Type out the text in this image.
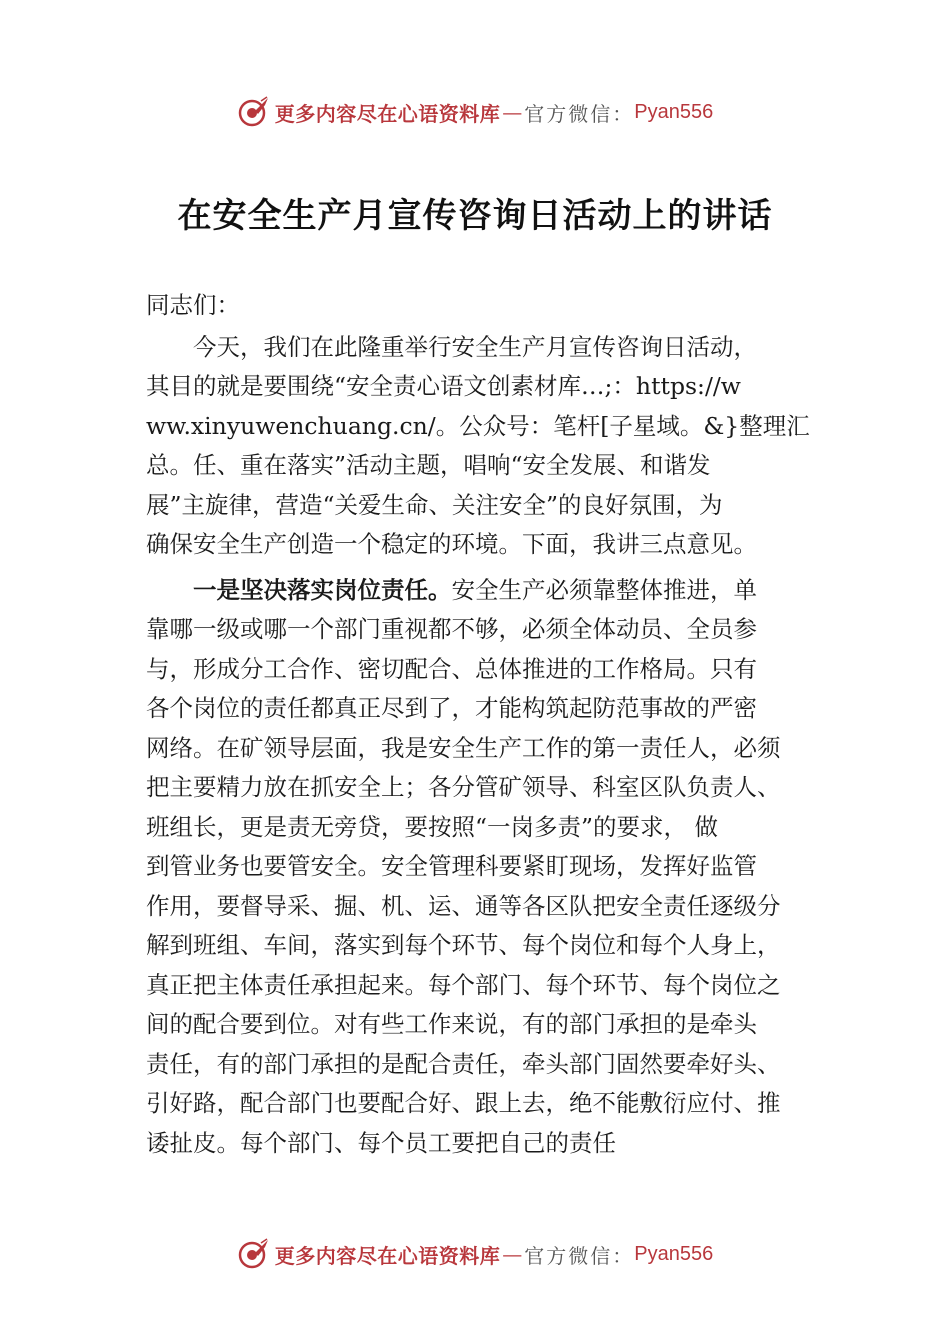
更多内容尽在心语资料库 — 官方微信： Pyan556
在安全生产月宣传咨询日活动上的讲话
同志们：
今天，我们在此隆重举行安全生产月宣传咨询日活动，
其目的就是要围绕“安全责心语文创素材库…;：https://w
ww.xinyuwenchuang.cn/。公众号：笔杆[子星域。&}整理汇
总。任、重在落实”活动主题，唱响“安全发展、和谐发
展”主旋律，营造“关爱生命、关注安全”的良好氛围，为
确保安全生产创造一个稳定的环境。下面，我讲三点意见。
一是坚决落实岗位责任。安全生产必须靠整体推进，单
靠哪一级或哪一个部门重视都不够，必须全体动员、全员参
与，形成分工合作、密切配合、总体推进的工作格局。只有
各个岗位的责任都真正尽到了，才能构筑起防范事故的严密
网络。在矿领导层面，我是安全生产工作的第一责任人，必须
把主要精力放在抓安全上；各分管矿领导、科室区队负责人、
班组长，更是责无旁贷，要按照“一岗多责”的要求， 做
到管业务也要管安全。安全管理科要紧盯现场，发挥好监管
作用，要督导采、掘、机、运、通等各区队把安全责任逐级分
解到班组、车间，落实到每个环节、每个岗位和每个人身上，
真正把主体责任承担起来。每个部门、每个环节、每个岗位之
间的配合要到位。对有些工作来说，有的部门承担的是牵头
责任，有的部门承担的是配合责任，牵头部门固然要牵好头、
引好路，配合部门也要配合好、跟上去，绝不能敷衍应付、推
诿扯皮。每个部门、每个员工要把自己的责任
更多内容尽在心语资料库 — 官方微信： Pyan556
